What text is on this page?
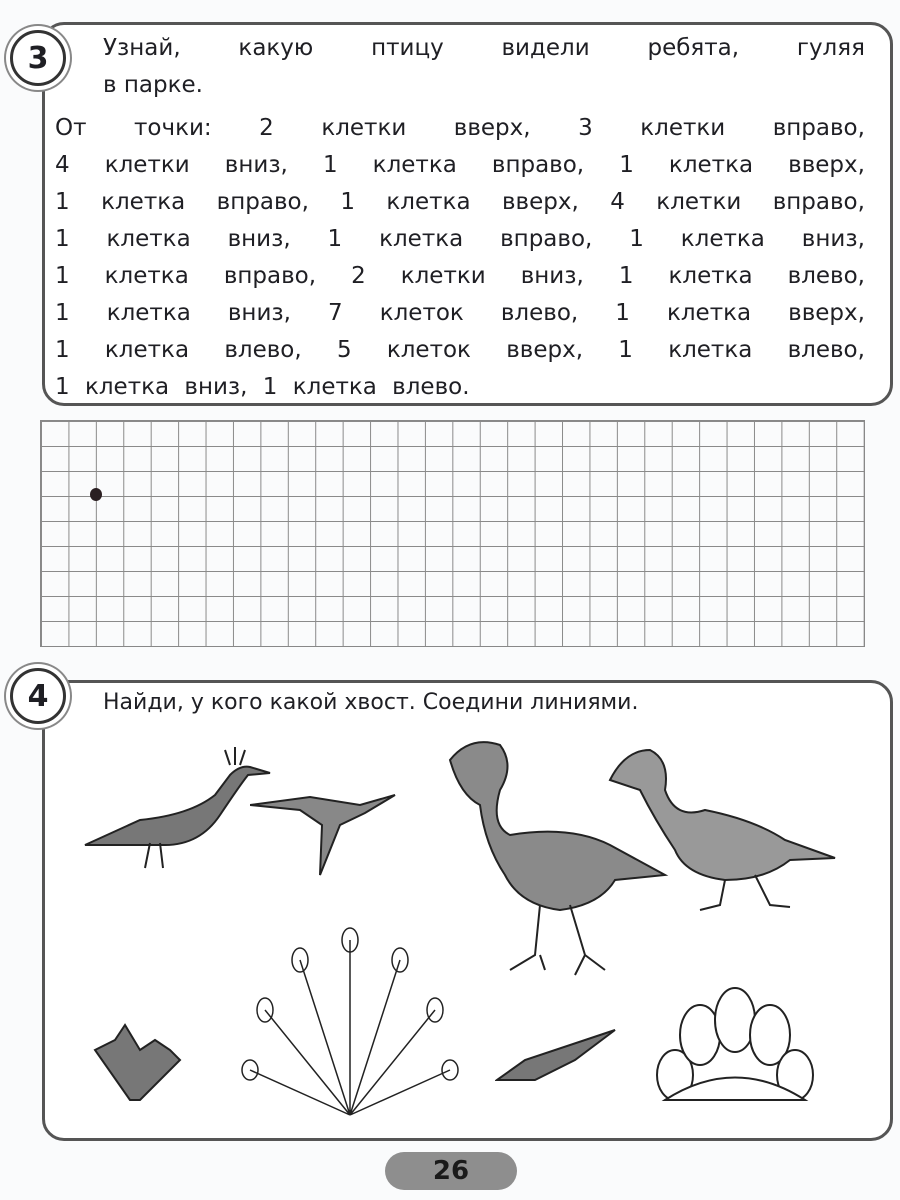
3 Узнай,	какую	птицу	видели	ребята,	гуляя
в парке.
От точки: 2 клетки вверх, 3 клетки вправо,
4 клетки вниз, 1 клетка вправо, 1 клетка вверх,
1 клетка вправо, 1 клетка вверх, 4 клетки вправо,
1 клетка вниз, 1 клетка вправо, 1 клетка вниз,
1 клетка вправо, 2 клетки вниз, 1 клетка влево,
1 клетка вниз, 7 клеток влево, 1 клетка вверх,
1 клетка влево, 5 клеток вверх, 1 клетка влево,
1 клетка вниз, 1 клетка влево.
4 Найди, у кого какой хвост. Соедини линиями.
26
